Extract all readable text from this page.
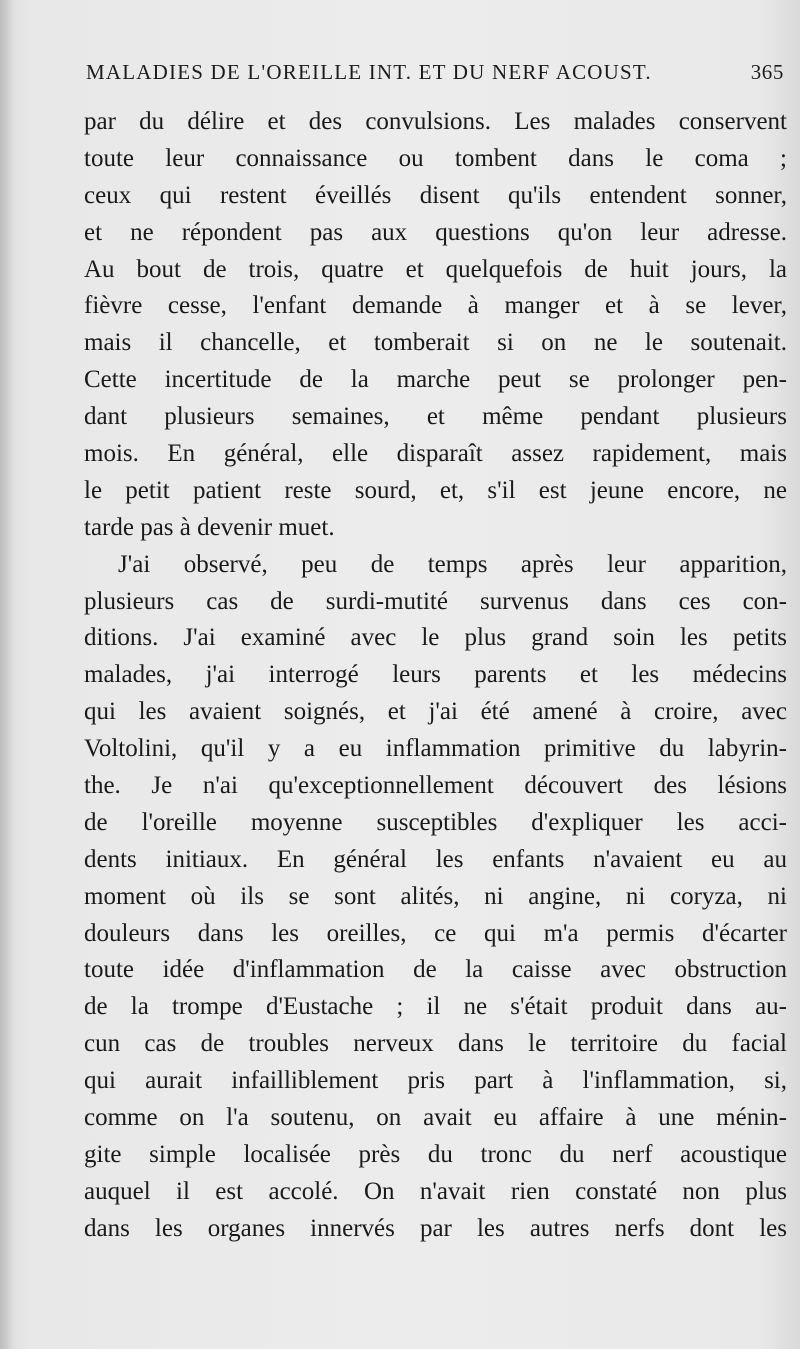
MALADIES DE L'OREILLE INT. ET DU NERF ACOUST.	365
par du délire et des convulsions. Les malades conservent
toute leur connaissance ou tombent dans le coma ;
ceux qui restent éveillés disent qu'ils entendent sonner,
et ne répondent pas aux questions qu'on leur adresse.
Au bout de trois, quatre et quelquefois de huit jours, la
fièvre cesse, l'enfant demande à manger et à se lever,
mais il chancelle, et tomberait si on ne le soutenait.
Cette incertitude de la marche peut se prolonger pen-
dant plusieurs semaines, et même pendant plusieurs
mois. En général, elle disparaît assez rapidement, mais
le petit patient reste sourd, et, s'il est jeune encore, ne
tarde pas à devenir muet.
J'ai observé, peu de temps après leur apparition,
plusieurs cas de surdi-mutité survenus dans ces con-
ditions. J'ai examiné avec le plus grand soin les petits
malades, j'ai interrogé leurs parents et les médecins
qui les avaient soignés, et j'ai été amené à croire, avec
Voltolini, qu'il y a eu inflammation primitive du labyrin-
the. Je n'ai qu'exceptionnellement découvert des lésions
de l'oreille moyenne susceptibles d'expliquer les acci-
dents initiaux. En général les enfants n'avaient eu au
moment où ils se sont alités, ni angine, ni coryza, ni
douleurs dans les oreilles, ce qui m'a permis d'écarter
toute idée d'inflammation de la caisse avec obstruction
de la trompe d'Eustache ; il ne s'était produit dans au-
cun cas de troubles nerveux dans le territoire du facial
qui aurait infailliblement pris part à l'inflammation, si,
comme on l'a soutenu, on avait eu affaire à une ménin-
gite simple localisée près du tronc du nerf acoustique
auquel il est accolé. On n'avait rien constaté non plus
dans les organes innervés par les autres nerfs dont les
